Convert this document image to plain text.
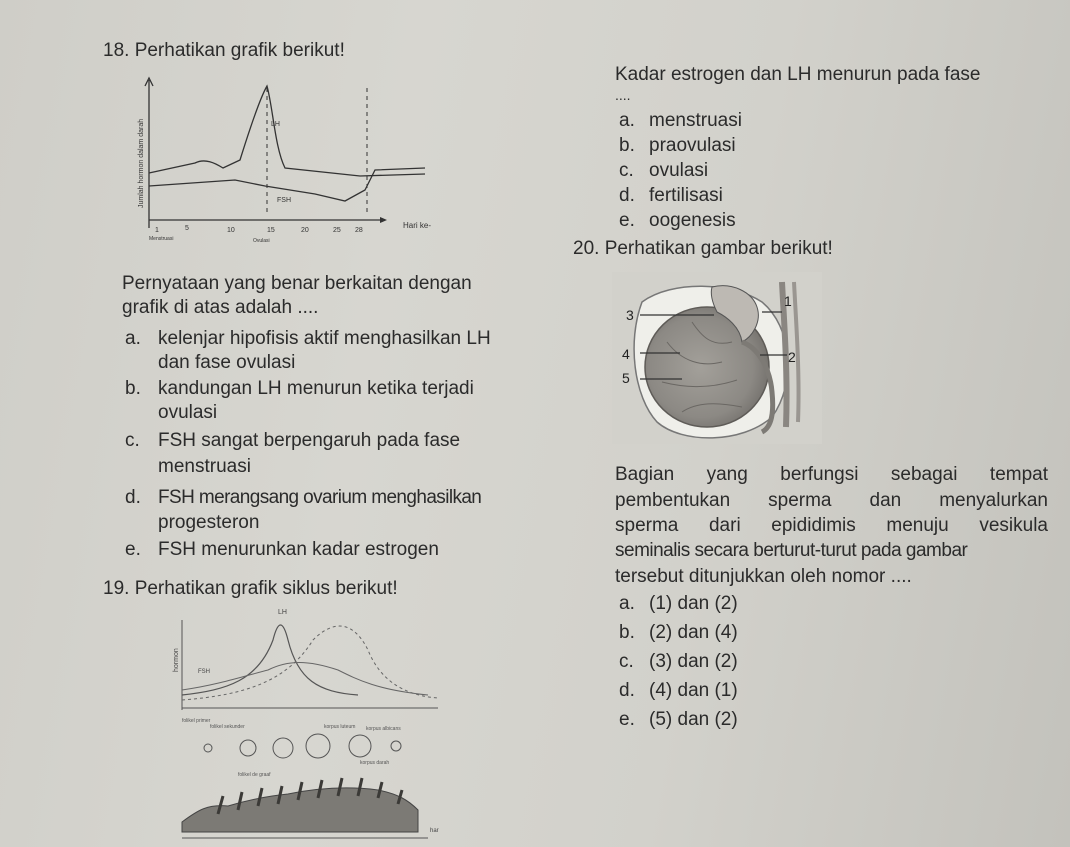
18. Perhatikan grafik berikut!
Jumlah hormon dalam darah	LH
FSH
1	5	10	15	20	25 28
Hari ke-
Menstruasi	Ovulasi
Pernyataan yang benar berkaitan dengan
grafik di atas adalah ....
a. kelenjar hipofisis aktif menghasilkan LH
dan fase ovulasi
b. kandungan LH menurun ketika terjadi
ovulasi
c. FSH sangat berpengaruh pada fase
menstruasi
d. FSH merangsang ovarium menghasilkan
progesteron
e. FSH menurunkan kadar estrogen
Kadar estrogen dan LH menurun pada fase
....
a. menstruasi
b. praovulasi
c. ovulasi
d. fertilisasi
e. oogenesis
20. Perhatikan gambar berikut!
3
1
4	2
5
Bagian yang berfungsi sebagai tempat
pembentukan sperma dan menyalurkan
sperma dari epididimis menuju vesikula
seminalis secara berturut-turut pada gambar
tersebut ditunjukkan oleh nomor ....
a. (1) dan (2)
b. (2) dan (4)
c. (3) dan (2)
d. (4) dan (1)
e. (5) dan (2)
19. Perhatikan grafik siklus berikut!
hormon
LH
FSH
folikel primer
folikel sekunder
folikel de graaf
korpus luteum korpus albicans
korpus darah
har
